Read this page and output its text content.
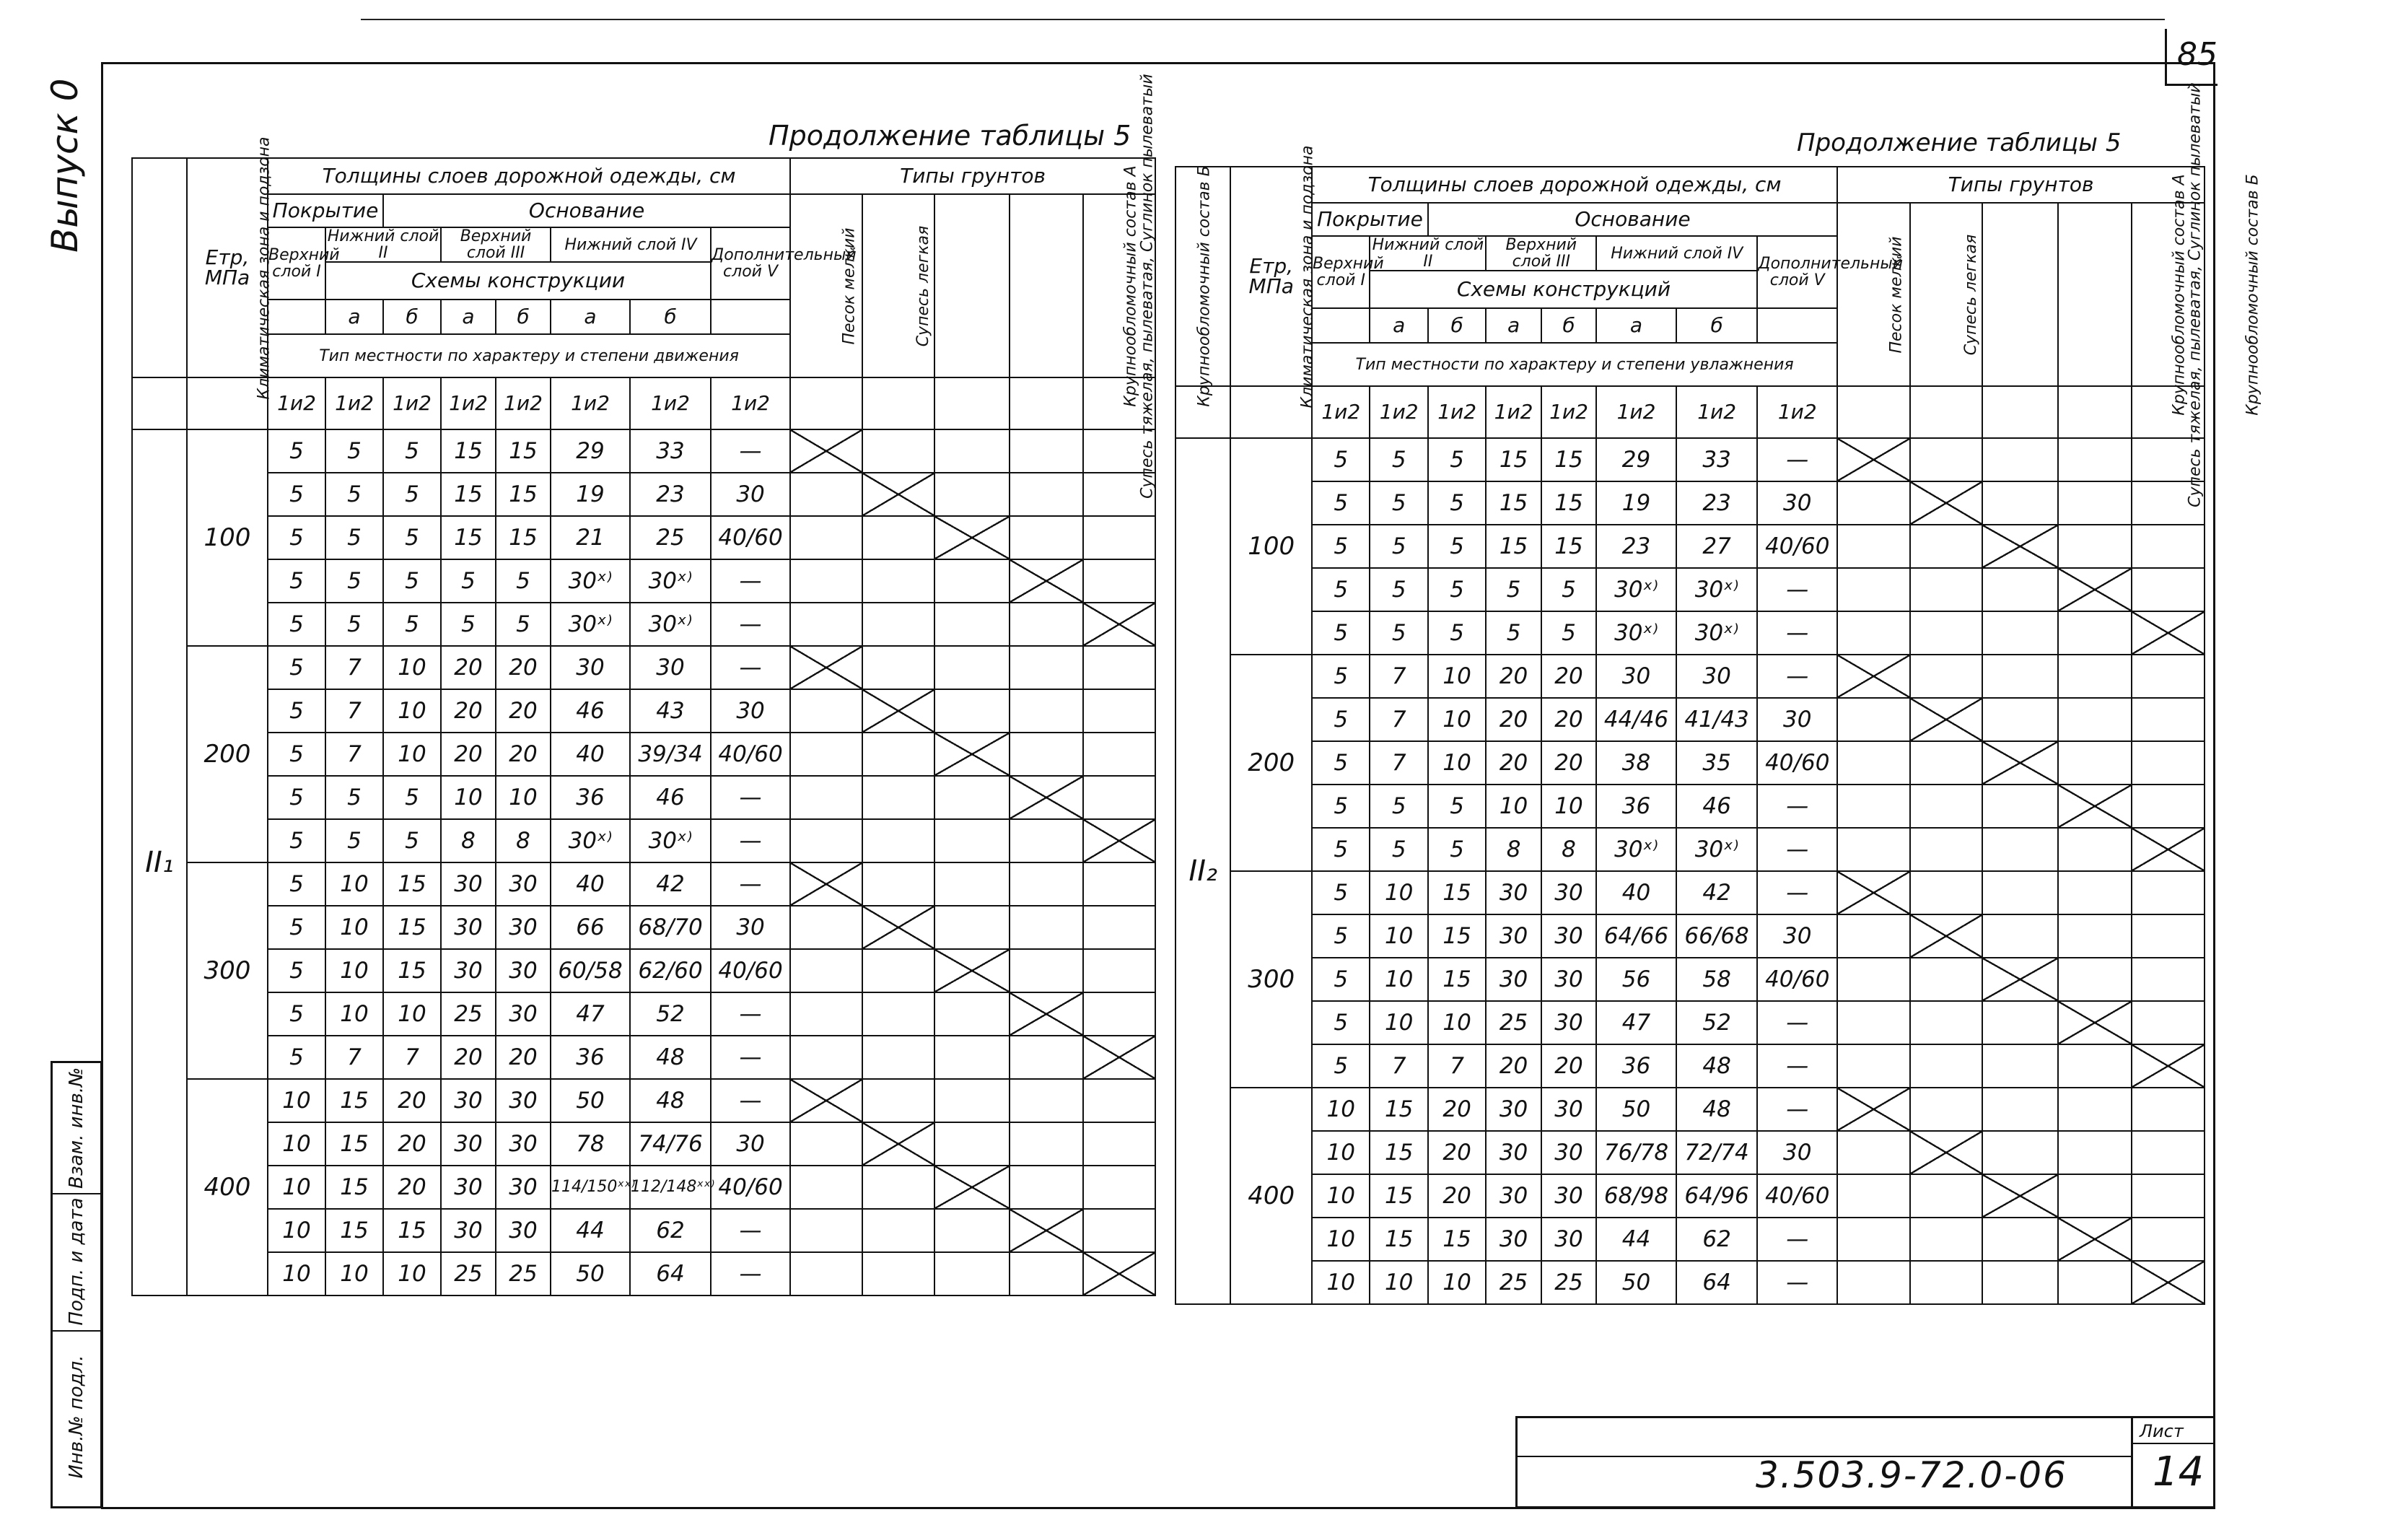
85
Выпуск 0
Взам. инв.№
Подп. и дата
Инв.№ подл.
Продолжение таблицы 5	Продолжение таблицы 5
Климатическая зона и подзона	Етр, МПа	Толщины слоев дорожной одежды, см								Типы грунтов				
		Покрытие		Основание						Песок мелкий	Супесь легкая	Супесь тяжелая, пылеватая, Суглинок пылеватый	Крупнообломочный состав А	Крупнообломочный состав Б
		Верхний слой I	Нижний слой II		Верхний слой III		Нижний слой IV		Дополнительный слой V					
			Схемы конструкции											
			а	б	а	б	а	б						
		Тип местности по характеру и степени движения												
		1и2	1и2	1и2	1и2	1и2	1и2	1и2	1и2					
II₁	100	5	5	5	15	15	29	33	—					
		5	5	5	15	15	19	23	30					
		5	5	5	15	15	21	25	40/60					
		5	5	5	5	5	30ˣ⁾	30ˣ⁾	—					
		5	5	5	5	5	30ˣ⁾	30ˣ⁾	—					
	200	5	7	10	20	20	30	30	—					
		5	7	10	20	20	46	43	30					
		5	7	10	20	20	40	39/34	40/60					
		5	5	5	10	10	36	46	—					
		5	5	5	8	8	30ˣ⁾	30ˣ⁾	—					
	300	5	10	15	30	30	40	42	—					
		5	10	15	30	30	66	68/70	30					
		5	10	15	30	30	60/58	62/60	40/60					
		5	10	10	25	30	47	52	—					
		5	7	7	20	20	36	48	—					
	400	10	15	20	30	30	50	48	—					
		10	15	20	30	30	78	74/76	30					
		10	15	20	30	30	114/150ˣˣ⁾	112/148ˣˣ⁾	40/60					
		10	15	15	30	30	44	62	—					
		10	10	10	25	25	50	64	—					
Климатическая зона и подзона	Етр, МПа	Толщины слоев дорожной одежды, см								Типы грунтов				
		Покрытие		Основание						Песок мелкий	Супесь легкая	Супесь тяжелая, пылеватая, Суглинок пылеватый	Крупнообломочный состав А	Крупнообломочный состав Б
		Верхний слой I	Нижний слой II		Верхний слой III		Нижний слой IV		Дополнительный слой V					
			Схемы конструкций											
			а	б	а	б	а	б						
		Тип местности по характеру и степени увлажнения												
		1и2	1и2	1и2	1и2	1и2	1и2	1и2	1и2					
II₂	100	5	5	5	15	15	29	33	—					
		5	5	5	15	15	19	23	30					
		5	5	5	15	15	23	27	40/60					
		5	5	5	5	5	30ˣ⁾	30ˣ⁾	—					
		5	5	5	5	5	30ˣ⁾	30ˣ⁾	—					
	200	5	7	10	20	20	30	30	—					
		5	7	10	20	20	44/46	41/43	30					
		5	7	10	20	20	38	35	40/60					
		5	5	5	10	10	36	46	—					
		5	5	5	8	8	30ˣ⁾	30ˣ⁾	—					
	300	5	10	15	30	30	40	42	—					
		5	10	15	30	30	64/66	66/68	30					
		5	10	15	30	30	56	58	40/60					
		5	10	10	25	30	47	52	—					
		5	7	7	20	20	36	48	—					
	400	10	15	20	30	30	50	48	—					
		10	15	20	30	30	76/78	72/74	30					
		10	15	20	30	30	68/98	64/96	40/60					
		10	15	15	30	30	44	62	—					
		10	10	10	25	25	50	64	—					
3.503.9-72.0-06
Лист
14
